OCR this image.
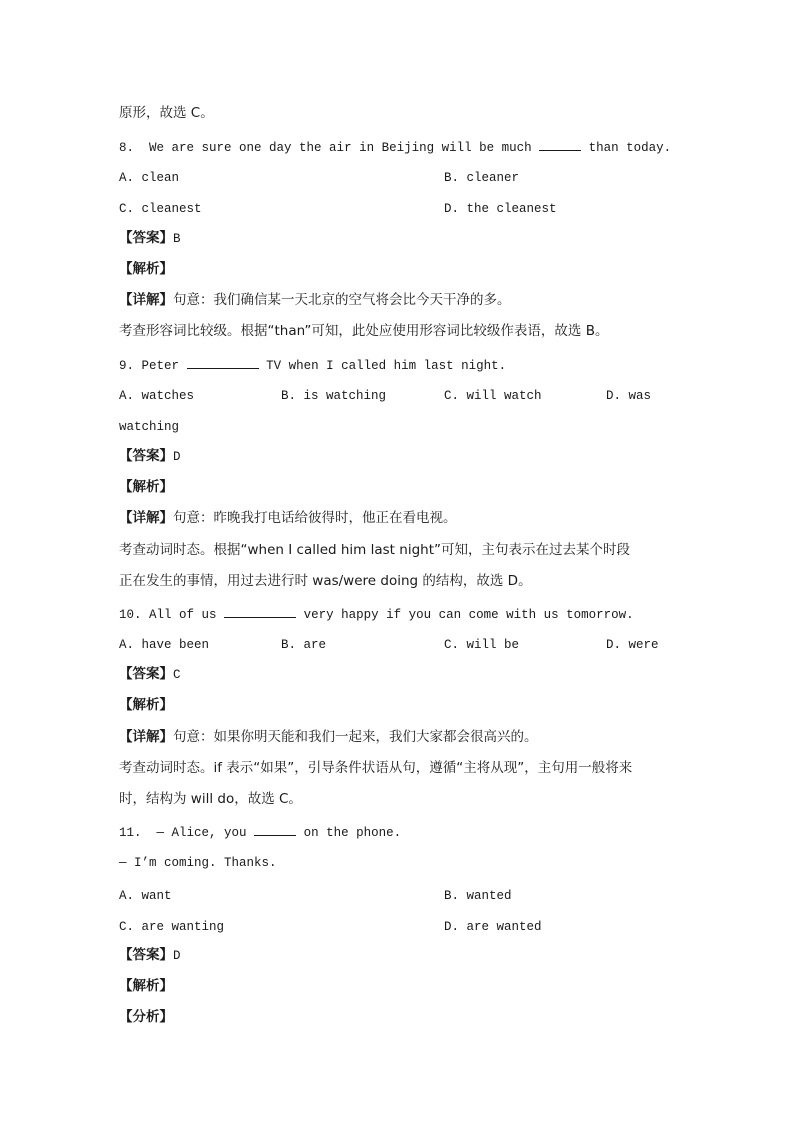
原形，故选 C。
8. We are sure one day the air in Beijing will be much	than today.
A. clean	B. cleaner
C. cleanest	D. the cleanest
【答案】B
【解析】
【详解】句意：我们确信某一天北京的空气将会比今天干净的多。
考查形容词比较级。根据“than”可知，此处应使用形容词比较级作表语，故选 B。
9. Peter	TV when I called him last night.
A. watches	B. is watching	C. will watch	D. was
watching
【答案】D
【解析】
【详解】句意：昨晚我打电话给彼得时，他正在看电视。
考查动词时态。根据“when I called him last night”可知，主句表示在过去某个时段
正在发生的事情，用过去进行时 was/were doing 的结构，故选 D。
10. All of us	very happy if you can come with us tomorrow.
A. have been	B. are	C. will be	D. were
【答案】C
【解析】
【详解】句意：如果你明天能和我们一起来，我们大家都会很高兴的。
考查动词时态。if 表示“如果”，引导条件状语从句，遵循“主将从现”，主句用一般将来
时，结构为 will do，故选 C。
11. — Alice, you	on the phone.
— I’m coming. Thanks.
A. want	B. wanted
C. are wanting	D. are wanted
【答案】D
【解析】
【分析】
